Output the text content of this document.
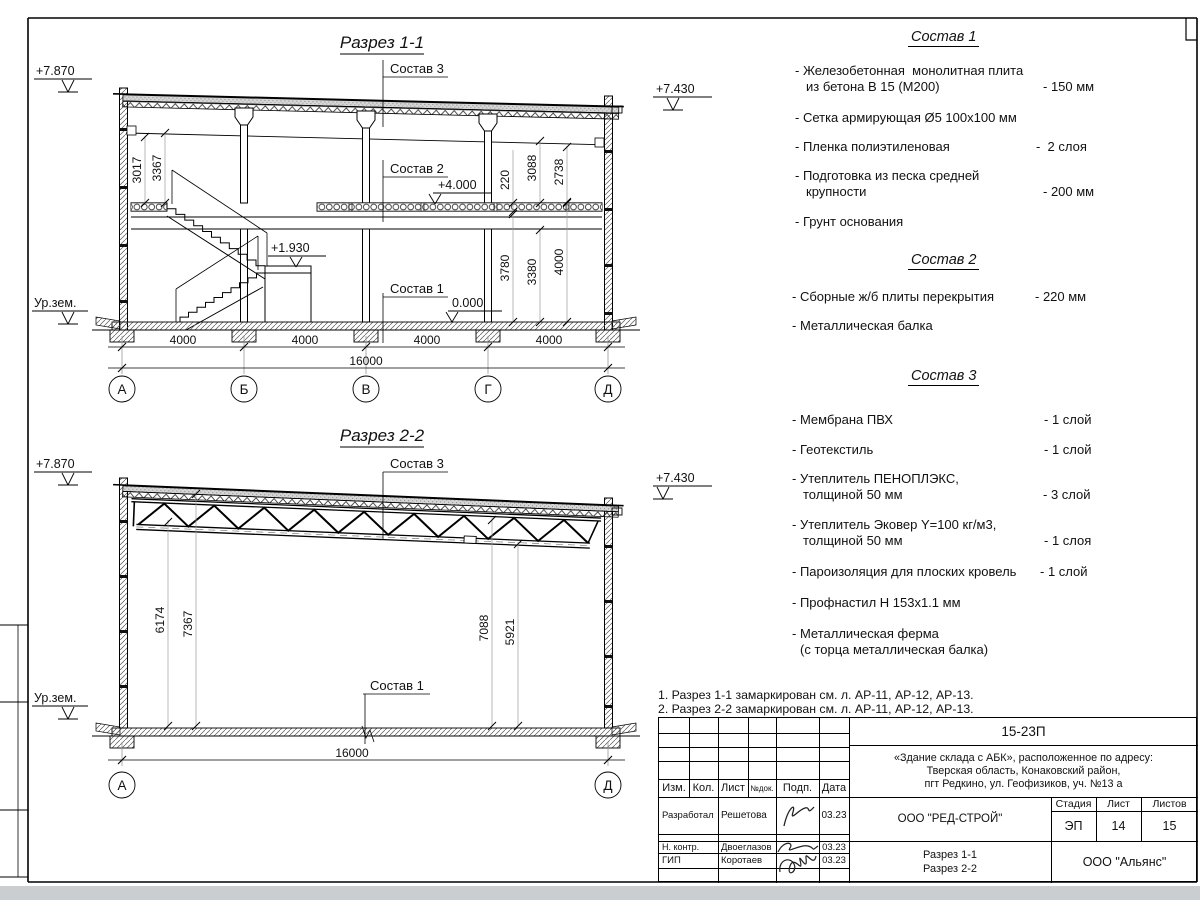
Разрез 1-1
+7.870
+7.430
Ур.зем.
Состав 3
Состав 2
Состав 1
+4.000
+1.930
0.000
3017 3367	220 3088 2738
3780 3380 4000
4000	4000	4000	4000
16000
А	Б	В	Г	Д
Разрез 2-2
+7.870
+7.430
Ур.зем.
Состав 3
Состав 1
6174 7367	7088 5921
16000
А	Д
Состав 1
- Железобетонная  монолитная плита
из бетона В 15 (М200)	- 150 мм
- Сетка армирующая Ø5 100х100 мм
- Пленка полиэтиленовая	-  2 слоя
- Подготовка из песка средней
крупности	- 200 мм
- Грунт основания
Состав 2
- Сборные ж/б плиты перекрытия	- 220 мм
- Металлическая балка
Состав 3
- Мембрана ПВХ	- 1 слой
- Геотекстиль	- 1 слой
- Утеплитель ПЕНОПЛЭКС,
толщиной 50 мм	- 3 слой
- Утеплитель Эковер Y=100 кг/м3,
толщиной 50 мм	- 1 слоя
- Пароизоляция для плоских кровель - 1 слой
- Профнастил Н 153х1.1 мм
- Металлическая ферма
(с торца металлическая балка)
1. Разрез 1-1 замаркирован см. л. АР-11, АР-12, АР-13.
2. Разрез 2-2 замаркирован см. л. АР-11, АР-12, АР-13.
Изм. Кол. Лист №док. Подп. Дата
Разработал Решетова	03.23
Н. контр.	Двоеглазов	03.23
ГИП	Коротаев	03.23
15-23П
«Здание склада с АБК», расположенное по адресу:
Тверская область, Конаковский район,
пгт Редкино, ул. Геофизиков, уч. №13 а
ООО "РЕД-СТРОЙ"
Стадия	Лист	Листов
ЭП	14	15
Разрез 1-1
Разрез 2-2	ООО "Альянс"
